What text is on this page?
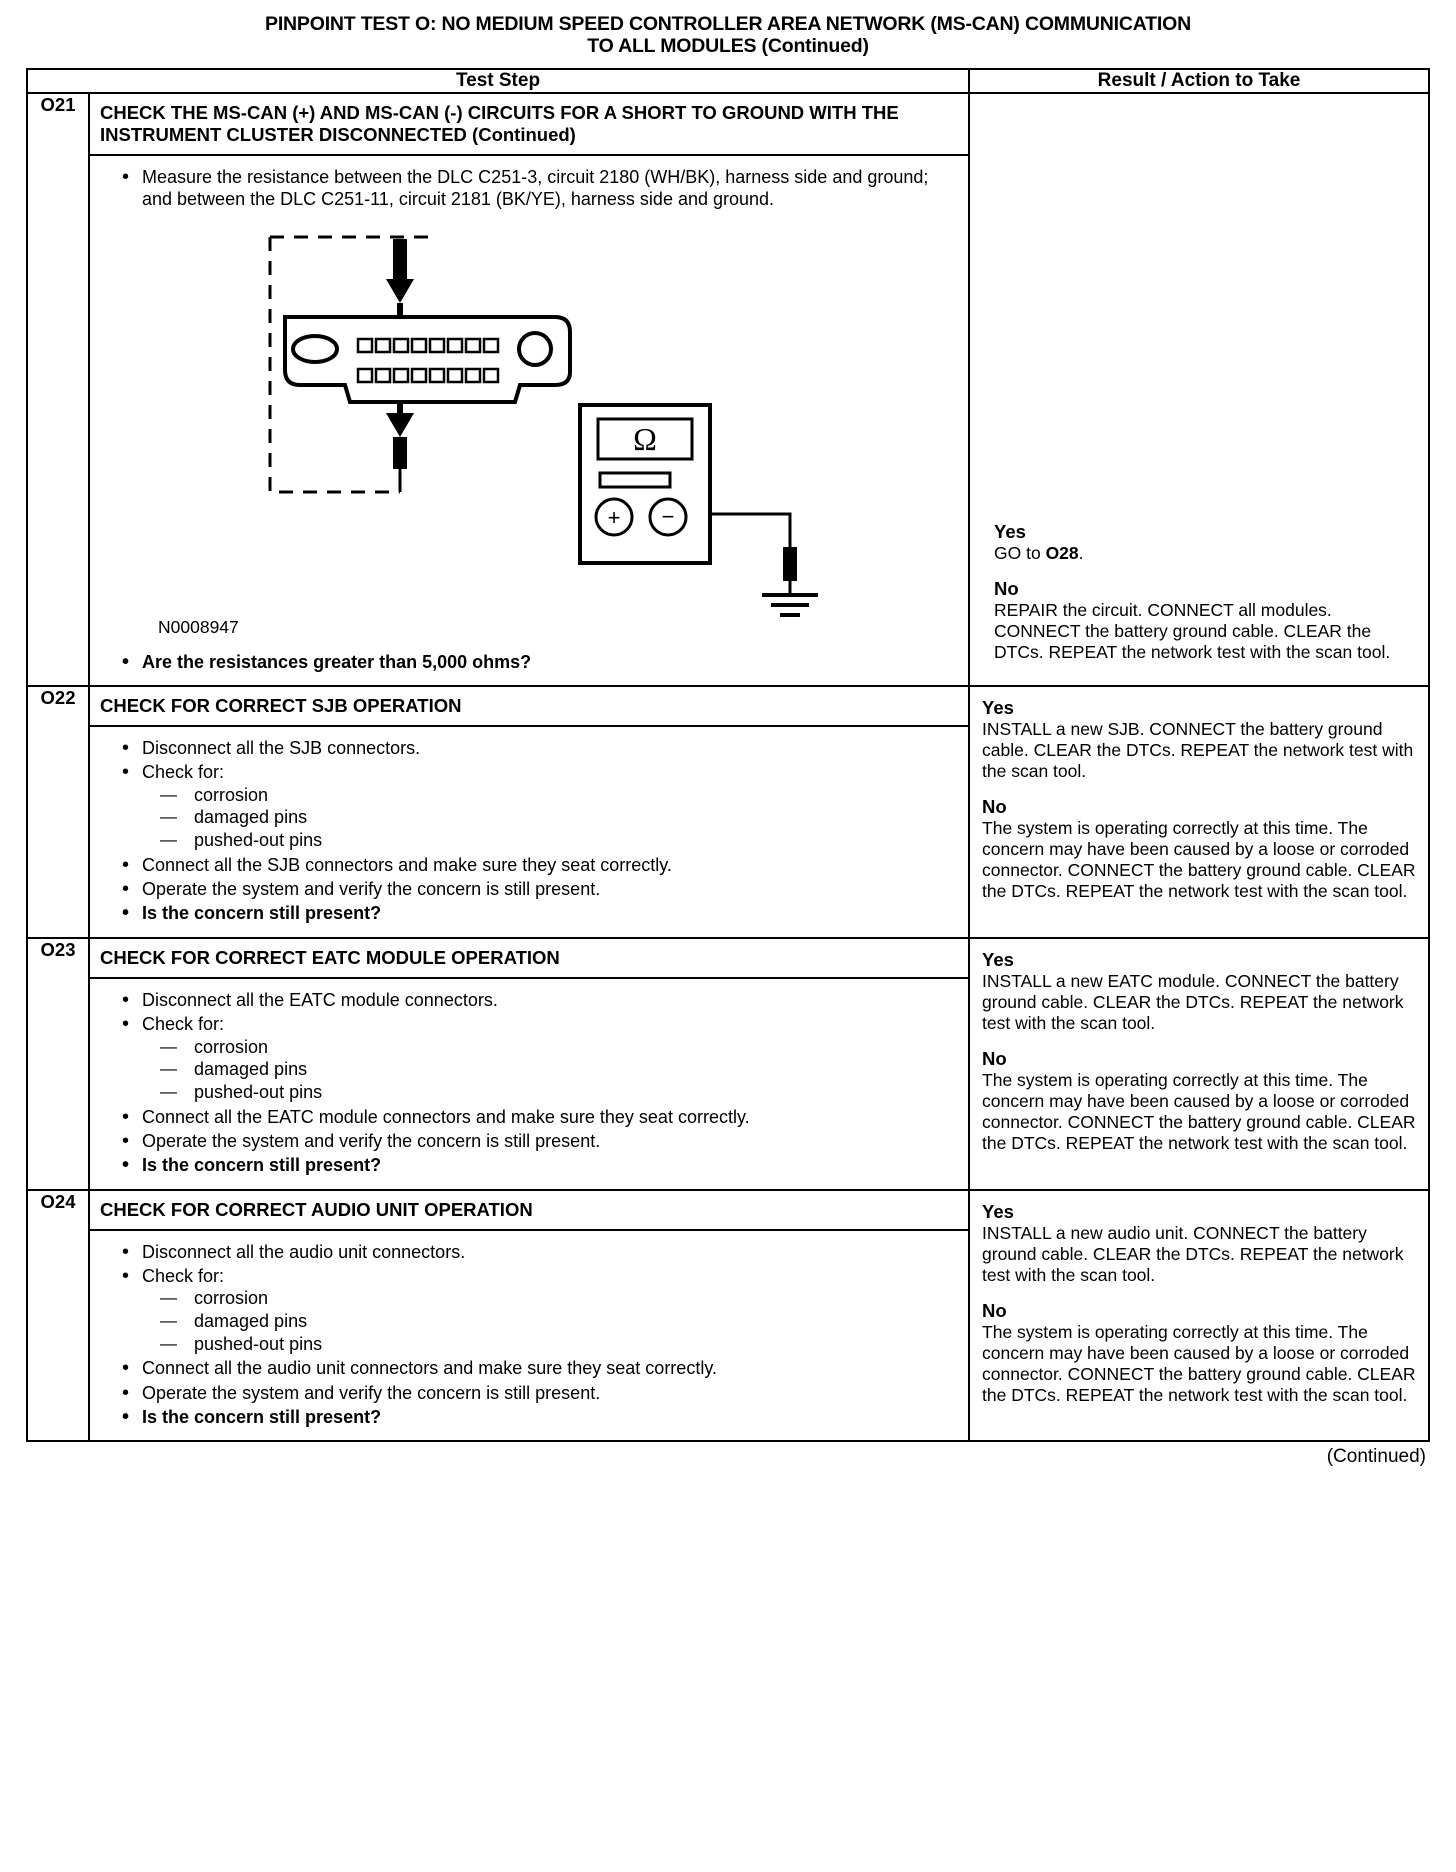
PINPOINT TEST O: NO MEDIUM SPEED CONTROLLER AREA NETWORK (MS-CAN) COMMUNICATION
TO ALL MODULES (Continued)
Test Step		Result / Action to Take
O21	CHECK THE MS-CAN (+) AND MS-CAN (-) CIRCUITS FOR A SHORT TO GROUND WITH THE INSTRUMENT CLUSTER DISCONNECTED (Continued)
• Measure the resistance between the DLC C251-3, circuit 2180 (WH/BK), harness side and ground; and between the DLC C251-11, circuit 2181 (BK/YE), harness side and ground.
Ω
+ −
N0008947
• Are the resistances greater than 5,000 ohms?

Yes
GO to O28.

No
REPAIR the circuit. CONNECT all modules. CONNECT the battery ground cable. CLEAR the DTCs. REPEAT the network test with the scan tool.

O22	CHECK FOR CORRECT SJB OPERATION
• Disconnect all the SJB connectors.
• Check for:
— corrosion
— damaged pins
— pushed-out pins
• Connect all the SJB connectors and make sure they seat correctly.
• Operate the system and verify the concern is still present.
• Is the concern still present?

Yes
INSTALL a new SJB. CONNECT the battery ground cable. CLEAR the DTCs. REPEAT the network test with the scan tool.

No
The system is operating correctly at this time. The concern may have been caused by a loose or corroded connector. CONNECT the battery ground cable. CLEAR the DTCs. REPEAT the network test with the scan tool.

O23	CHECK FOR CORRECT EATC MODULE OPERATION
• Disconnect all the EATC module connectors.
• Check for:
— corrosion
— damaged pins
— pushed-out pins
• Connect all the EATC module connectors and make sure they seat correctly.
• Operate the system and verify the concern is still present.
• Is the concern still present?

Yes
INSTALL a new EATC module. CONNECT the battery ground cable. CLEAR the DTCs. REPEAT the network test with the scan tool.

No
The system is operating correctly at this time. The concern may have been caused by a loose or corroded connector. CONNECT the battery ground cable. CLEAR the DTCs. REPEAT the network test with the scan tool.

O24	CHECK FOR CORRECT AUDIO UNIT OPERATION
• Disconnect all the audio unit connectors.
• Check for:
— corrosion
— damaged pins
— pushed-out pins
• Connect all the audio unit connectors and make sure they seat correctly.
• Operate the system and verify the concern is still present.
• Is the concern still present?

Yes
INSTALL a new audio unit. CONNECT the battery ground cable. CLEAR the DTCs. REPEAT the network test with the scan tool.

No
The system is operating correctly at this time. The concern may have been caused by a loose or corroded connector. CONNECT the battery ground cable. CLEAR the DTCs. REPEAT the network test with the scan tool.

(Continued)
